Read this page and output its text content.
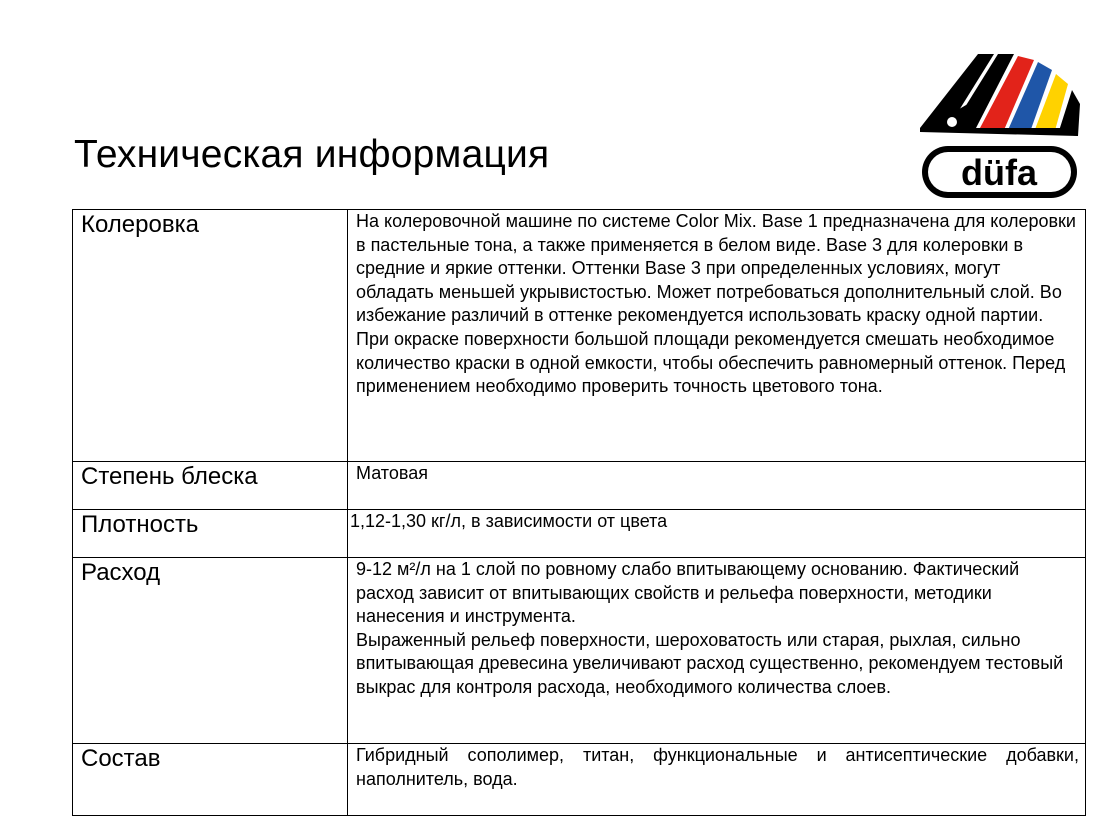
Техническая информация	düfa
Колеровка	На колеровочной машине по системе Color Mix. Base 1 предназначена для колеровки в пастельные тона, а также применяется в белом виде. Base 3 для колеровки в средние и яркие оттенки. Оттенки Base 3 при определенных условиях, могут обладать меньшей укрывистостью. Может потребоваться дополнительный слой. Во избежание различий в оттенке рекомендуется использовать краску одной партии. При окраске поверхности большой площади рекомендуется смешать необходимое количество краски в одной емкости, чтобы обеспечить равномерный оттенок. Перед применением необходимо проверить точность цветового тона.
Степень блеска	Матовая
Плотность	1,12-1,30 кг/л, в зависимости от цвета
Расход	9-12 м²/л на 1 слой по ровному слабо впитывающему основанию. Фактический расход зависит от впитывающих свойств и рельефа поверхности, методики нанесения и инструмента.
Выраженный рельеф поверхности, шероховатость или старая, рыхлая, сильно впитывающая древесина увеличивают расход существенно, рекомендуем тестовый выкрас для контроля расхода, необходимого количества слоев.

Состав	Гибридный сополимер, титан, функциональные и антисептические добавки, наполнитель, вода.
